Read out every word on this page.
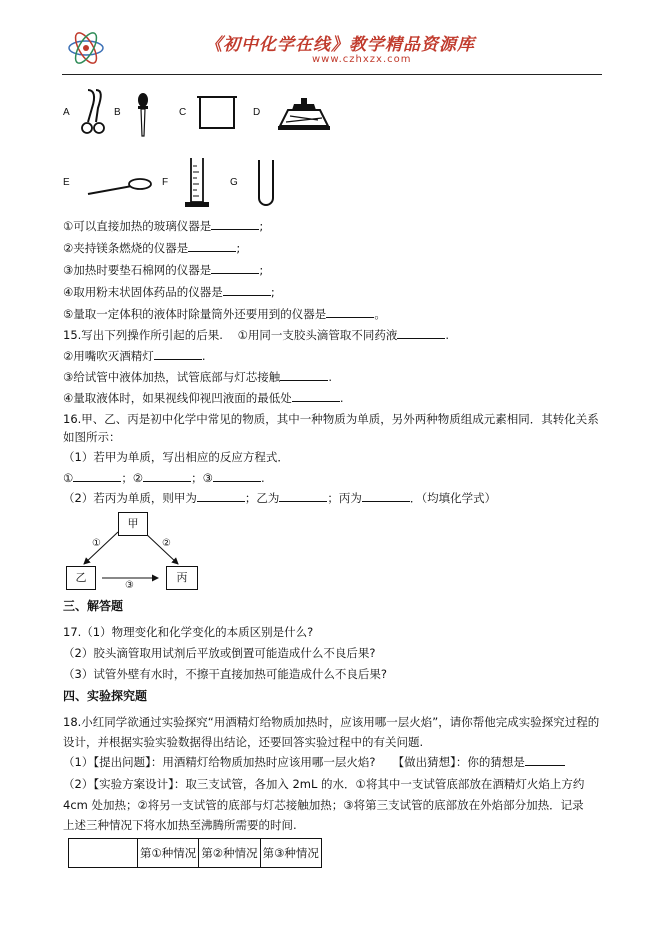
《初中化学在线》教学精品资源库
www.czhxzx.com
A	B	C	D
E	F	G
①可以直接加热的玻璃仪器是	;
②夹持镁条燃烧的仪器是	;
③加热时要垫石棉网的仪器是	;
④取用粉末状固体药品的仪器是	;
⑤量取一定体积的液体时除量筒外还要用到的仪器是	。
15.写出下列操作所引起的后果. ①用同一支胶头滴管取不同药液	.
②用嘴吹灭酒精灯	.
③给试管中液体加热，试管底部与灯芯接触	.
④量取液体时，如果视线仰视凹液面的最低处	.
16.甲、乙、丙是初中化学中常见的物质，其中一种物质为单质，另外两种物质组成元素相同．其转化关系
如图所示：
（1）若甲为单质，写出相应的反应方程式．
①	；②	；③	.
（2）若丙为单质，则甲为	；乙为	；丙为	．（均填化学式）
甲
乙	丙
①	②
③
三、解答题
17.（1）物理变化和化学变化的本质区别是什么?
（2）胶头滴管取用试剂后平放或倒置可能造成什么不良后果?
（3）试管外壁有水时，不擦干直接加热可能造成什么不良后果?
四、实验探究题
18.小红同学欲通过实验探究“用酒精灯给物质加热时，应该用哪一层火焰”，请你帮他完成实验探究过程的
设计，并根据实验实验数据得出结论，还要回答实验过程中的有关问题.
（1）【提出问题】：用酒精灯给物质加热时应该用哪一层火焰?　　【做出猜想】：你的猜想是
（2）【实验方案设计】：取三支试管，各加入 2mL 的水．①将其中一支试管底部放在酒精灯火焰上方约
4cm 处加热；②将另一支试管的底部与灯芯接触加热；③将第三支试管的底部放在外焰部分加热．记录
上述三种情况下将水加热至沸腾所需要的时间.
	第①种情况	第②种情况	第③种情况
